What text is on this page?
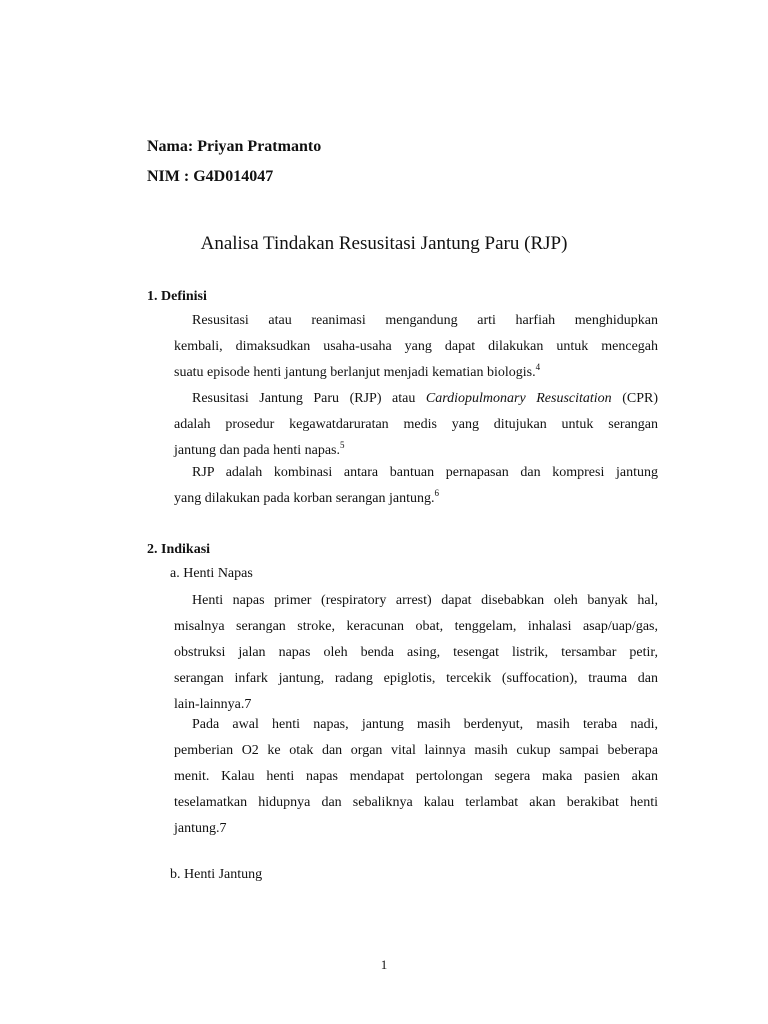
Nama: Priyan Pratmanto
NIM : G4D014047
Analisa Tindakan Resusitasi Jantung Paru (RJP)
1. Definisi
Resusitasi atau reanimasi mengandung arti harfiah menghidupkan
kembali, dimaksudkan usaha-usaha yang dapat dilakukan untuk mencegah
suatu episode henti jantung berlanjut menjadi kematian biologis.$^4$
Resusitasi Jantung Paru (RJP) atau Cardiopulmonary Resuscitation (CPR)
adalah prosedur kegawatdaruratan medis yang ditujukan untuk serangan
jantung dan pada henti napas.$^5$
RJP adalah kombinasi antara bantuan pernapasan dan kompresi jantung
yang dilakukan pada korban serangan jantung.$^6$
2. Indikasi
a. Henti Napas
Henti napas primer (respiratory arrest) dapat disebabkan oleh banyak hal,
misalnya serangan stroke, keracunan obat, tenggelam, inhalasi asap/uap/gas,
obstruksi jalan napas oleh benda asing, tesengat listrik, tersambar petir,
serangan infark jantung, radang epiglotis, tercekik (suffocation), trauma dan
lain-lainnya.7
Pada awal henti napas, jantung masih berdenyut, masih teraba nadi,
pemberian O2 ke otak dan organ vital lainnya masih cukup sampai beberapa
menit. Kalau henti napas mendapat pertolongan segera maka pasien akan
teselamatkan hidupnya dan sebaliknya kalau terlambat akan berakibat henti
jantung.7
b. Henti Jantung
1
